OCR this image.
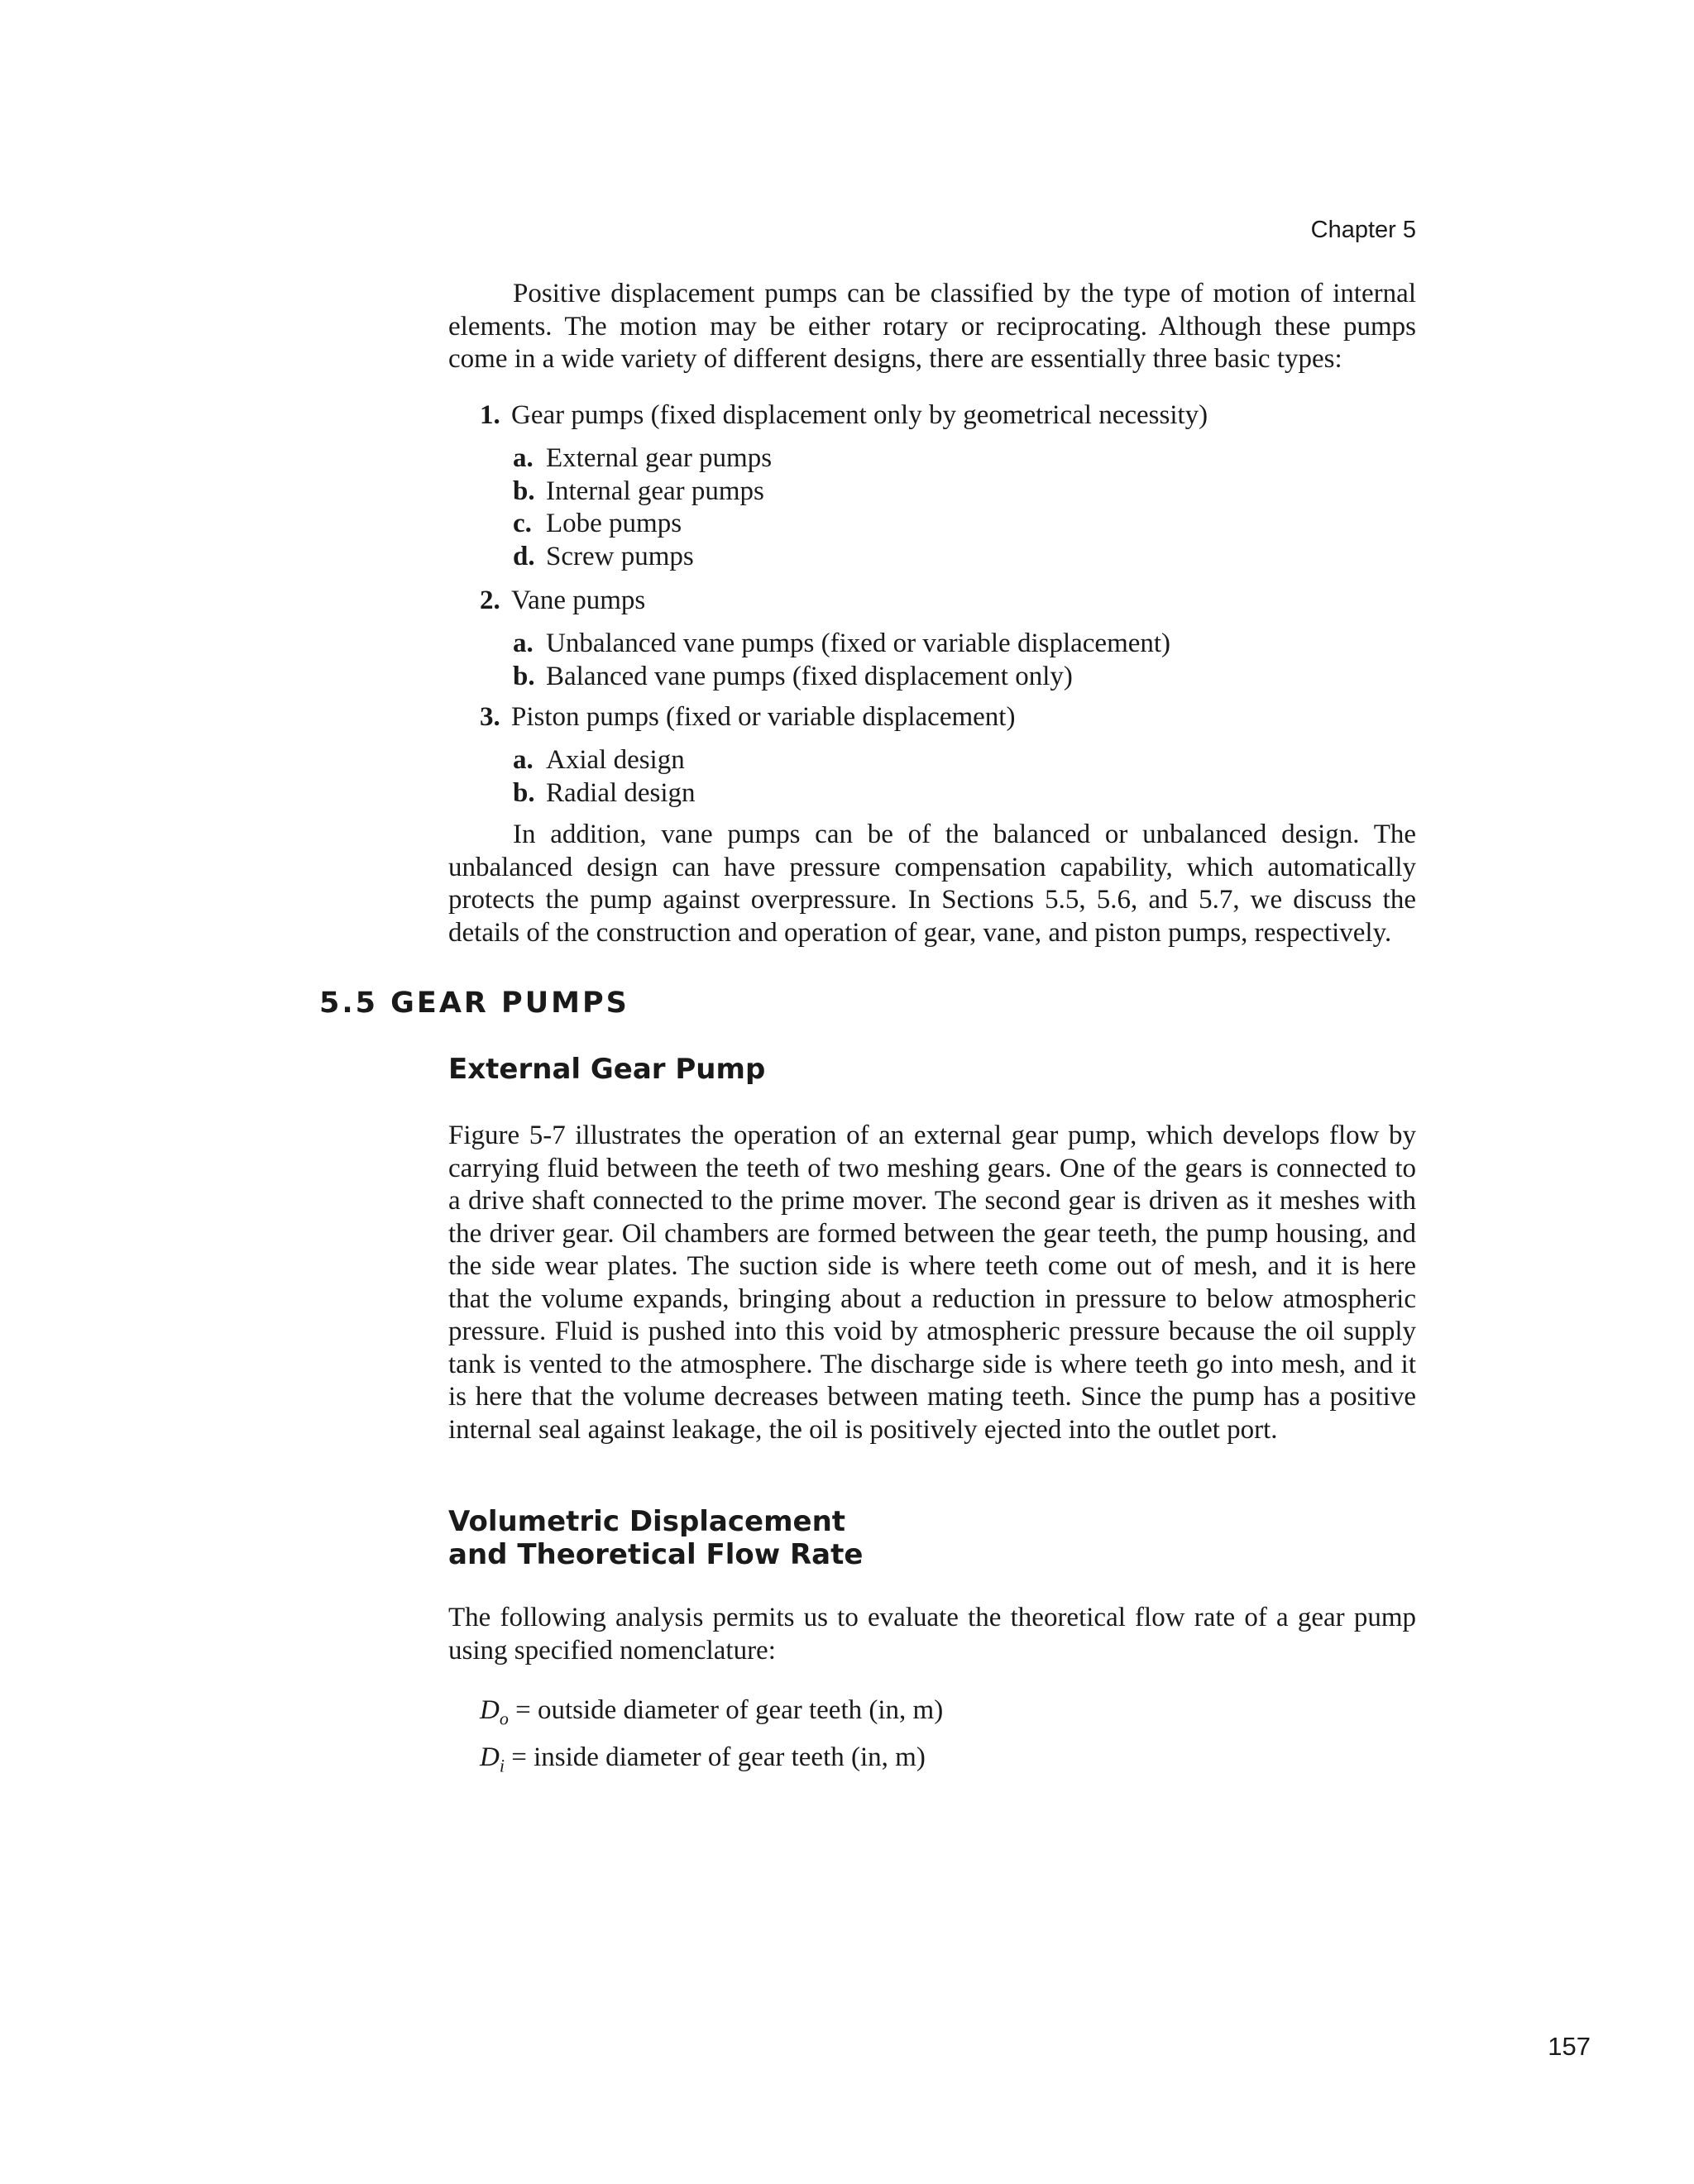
Chapter 5

Positive displacement pumps can be classified by the type of motion of internal elements. The motion may be either rotary or reciprocating. Although these pumps come in a wide variety of different designs, there are essentially three basic types:

1. Gear pumps (fixed displacement only by geometrical necessity)
a. External gear pumps
b. Internal gear pumps
c. Lobe pumps
d. Screw pumps
2. Vane pumps
a. Unbalanced vane pumps (fixed or variable displacement)
b. Balanced vane pumps (fixed displacement only)
3. Piston pumps (fixed or variable displacement)
a. Axial design
b. Radial design

In addition, vane pumps can be of the balanced or unbalanced design. The unbalanced design can have pressure compensation capability, which automatically protects the pump against overpressure. In Sections 5.5, 5.6, and 5.7, we discuss the details of the construction and operation of gear, vane, and piston pumps, respectively.

5.5 GEAR PUMPS
External Gear Pump

Figure 5-7 illustrates the operation of an external gear pump, which develops flow by carrying fluid between the teeth of two meshing gears. One of the gears is connected to a drive shaft connected to the prime mover. The second gear is driven as it meshes with the driver gear. Oil chambers are formed between the gear teeth, the pump housing, and the side wear plates. The suction side is where teeth come out of mesh, and it is here that the volume expands, bringing about a reduction in pressure to below atmospheric pressure. Fluid is pushed into this void by atmospheric pressure because the oil supply tank is vented to the atmosphere. The discharge side is where teeth go into mesh, and it is here that the volume decreases between mating teeth. Since the pump has a positive internal seal against leakage, the oil is positively ejected into the outlet port.

Volumetric Displacement
and Theoretical Flow Rate

The following analysis permits us to evaluate the theoretical flow rate of a gear pump using specified nomenclature:

$D_o$ = outside diameter of gear teeth (in, m)
$D_i$ = inside diameter of gear teeth (in, m)
157
